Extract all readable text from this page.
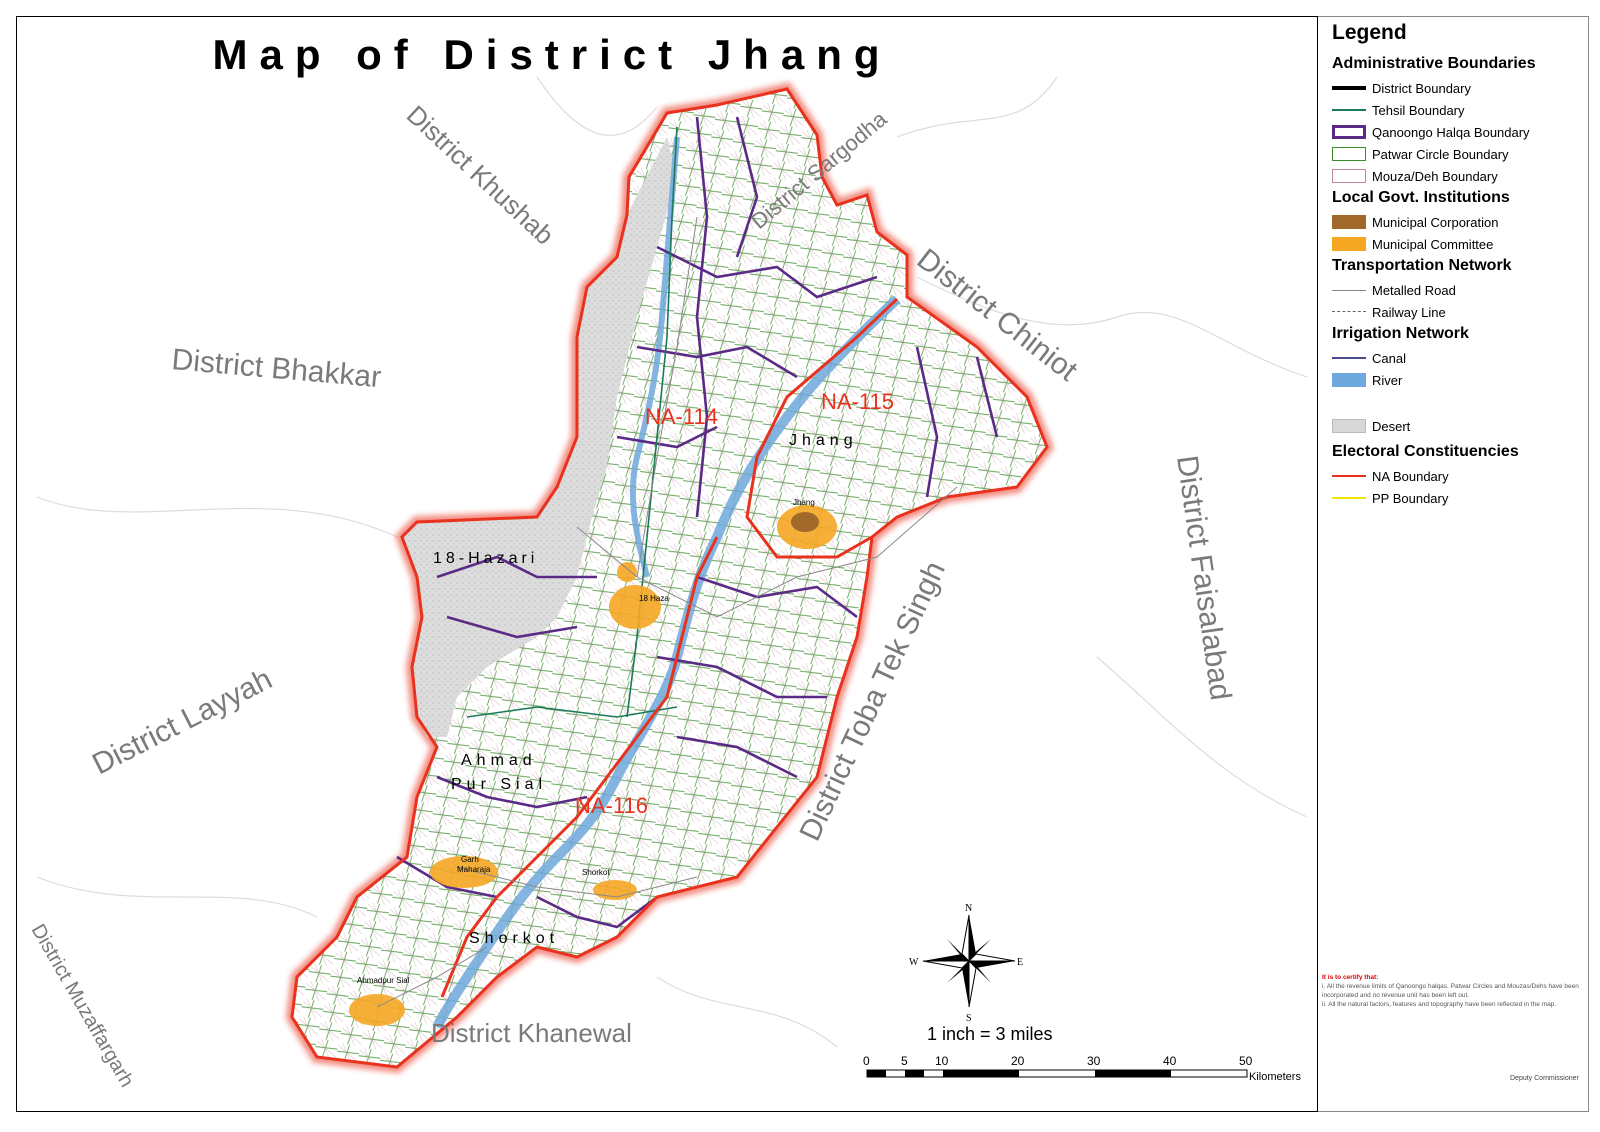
Map of District Jhang
District Khushab	District Sargodha
District Chiniot
District Bhakkar
District Faisalabad
District Toba Tek Singh
District Layyah
District Muzaffargarh	District Khanewal
NA-114
NA-115
NA-116
Jhang
18-Hazari
Ahmad
Pur Sial
Shorkot
Jhang
18 Haza
Garh
Maharaja	Shorkot
Ahmadpur Sial
N
S
E
W
1 inch = 3 miles
0	5 10	20	30	40	50
Kilometers
Legend
Administrative Boundaries
District Boundary
Tehsil Boundary
Qanoongo Halqa Boundary
Patwar Circle Boundary
Mouza/Deh Boundary
Local Govt. Institutions
Municipal Corporation
Municipal Committee
Transportation Network
Metalled Road
Railway Line
Irrigation Network
Canal
River
Desert
Electoral Constituencies
NA Boundary
PP Boundary
It is to certify that:
i. All the revenue limits of Qanoongo halqas, Patwar Circles and Mouzas/Dehs have been incorporated and no revenue unit has been left out.
ii. All the natural factors, features and topography have been reflected in the map.
Deputy Commissioner
